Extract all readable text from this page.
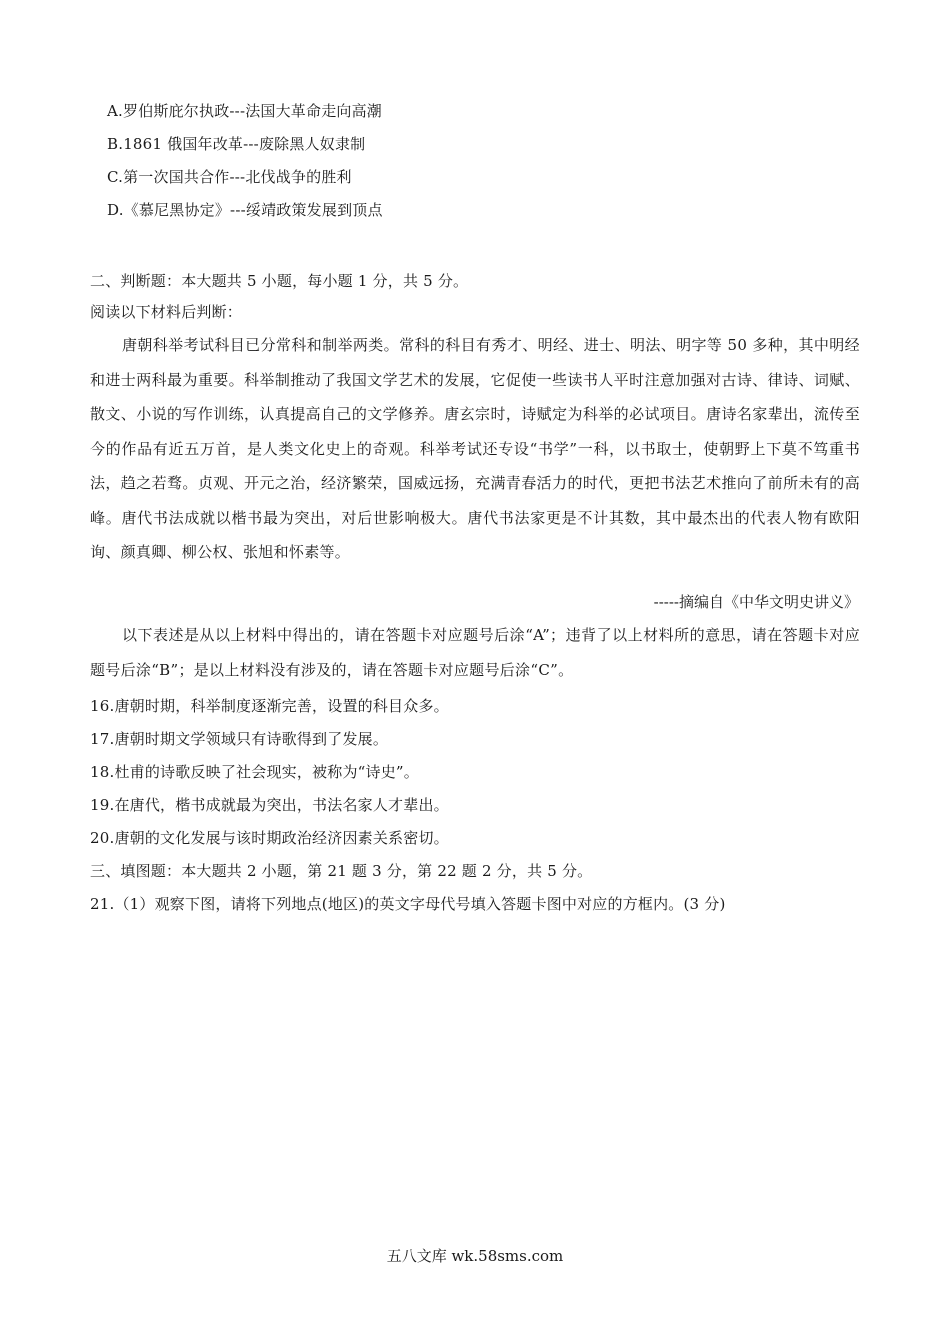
A.罗伯斯庇尔执政---法国大革命走向高潮
B.1861 俄国年改革---废除黑人奴隶制
C.第一次国共合作---北伐战争的胜利
D.《慕尼黑协定》---绥靖政策发展到顶点
二、判断题：本大题共 5 小题，每小题 1 分，共 5 分。
阅读以下材料后判断：
唐朝科举考试科目已分常科和制举两类。常科的科目有秀才、明经、进士、明法、明字等 50 多种，其中明经和进士两科最为重要。科举制推动了我国文学艺术的发展，它促使一些读书人平时注意加强对古诗、律诗、词赋、散文、小说的写作训练，认真提高自己的文学修养。唐玄宗时，诗赋定为科举的必试项目。唐诗名家辈出，流传至今的作品有近五万首，是人类文化史上的奇观。科举考试还专设“书学”一科，以书取士，使朝野上下莫不笃重书法，趋之若骛。贞观、开元之治，经济繁荣，国威远扬，充满青春活力的时代，更把书法艺术推向了前所未有的高峰。唐代书法成就以楷书最为突出，对后世影响极大。唐代书法家更是不计其数，其中最杰出的代表人物有欧阳询、颜真卿、柳公权、张旭和怀素等。
-----摘编自《中华文明史讲义》
以下表述是从以上材料中得出的，请在答题卡对应题号后涂“A”；违背了以上材料所的意思，请在答题卡对应题号后涂“B”；是以上材料没有涉及的，请在答题卡对应题号后涂“C”。
16.唐朝时期，科举制度逐渐完善，设置的科目众多。
17.唐朝时期文学领域只有诗歌得到了发展。
18.杜甫的诗歌反映了社会现实，被称为“诗史”。
19.在唐代，楷书成就最为突出，书法名家人才辈出。
20.唐朝的文化发展与该时期政治经济因素关系密切。
三、填图题：本大题共 2 小题，第 21 题 3 分，第 22 题 2 分，共 5 分。
21.（1）观察下图，请将下列地点(地区)的英文字母代号填入答题卡图中对应的方框内。(3 分)
五八文库 wk.58sms.com
